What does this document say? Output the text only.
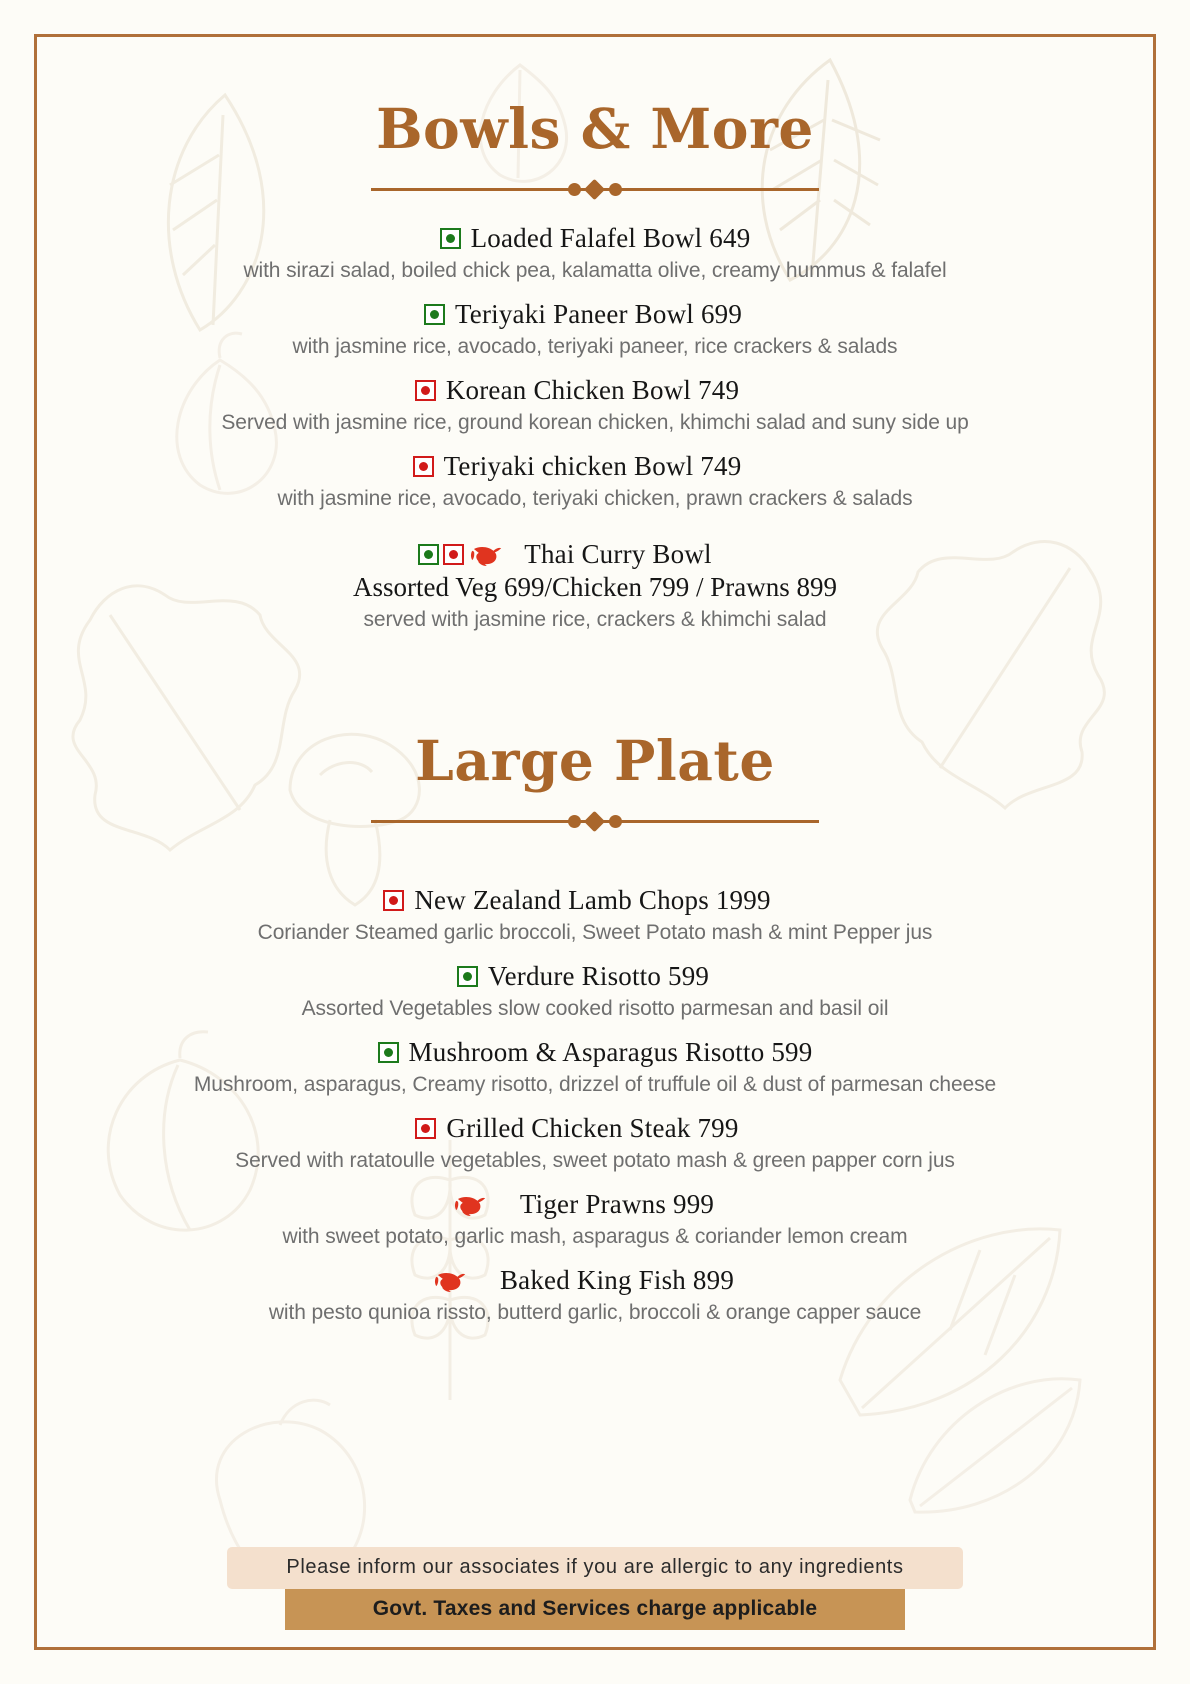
Bowls & More
Loaded Falafel Bowl 649
with sirazi salad, boiled chick pea, kalamatta olive, creamy hummus & falafel
Teriyaki Paneer Bowl 699
with jasmine rice, avocado, teriyaki paneer, rice crackers & salads
Korean Chicken Bowl 749
Served with jasmine rice, ground korean chicken, khimchi salad and suny side up
Teriyaki chicken Bowl 749
with jasmine rice, avocado, teriyaki chicken, prawn crackers & salads
Thai Curry Bowl
Assorted Veg 699/Chicken 799 / Prawns 899
served with jasmine rice, crackers & khimchi salad
Large Plate
New Zealand Lamb Chops 1999
Coriander Steamed garlic broccoli, Sweet Potato mash & mint Pepper jus
Verdure Risotto 599
Assorted Vegetables slow cooked risotto parmesan and basil oil
Mushroom & Asparagus Risotto 599
Mushroom, asparagus, Creamy risotto, drizzel of truffule oil & dust of parmesan cheese
Grilled Chicken Steak 799
Served with ratatoulle vegetables, sweet potato mash & green papper corn jus
Tiger Prawns 999
with sweet potato, garlic mash, asparagus & coriander lemon cream
Baked King Fish 899
with pesto qunioa rissto, butterd garlic, broccoli & orange capper sauce
Please inform our associates if you are allergic to any ingredients
Govt. Taxes and Services charge applicable
